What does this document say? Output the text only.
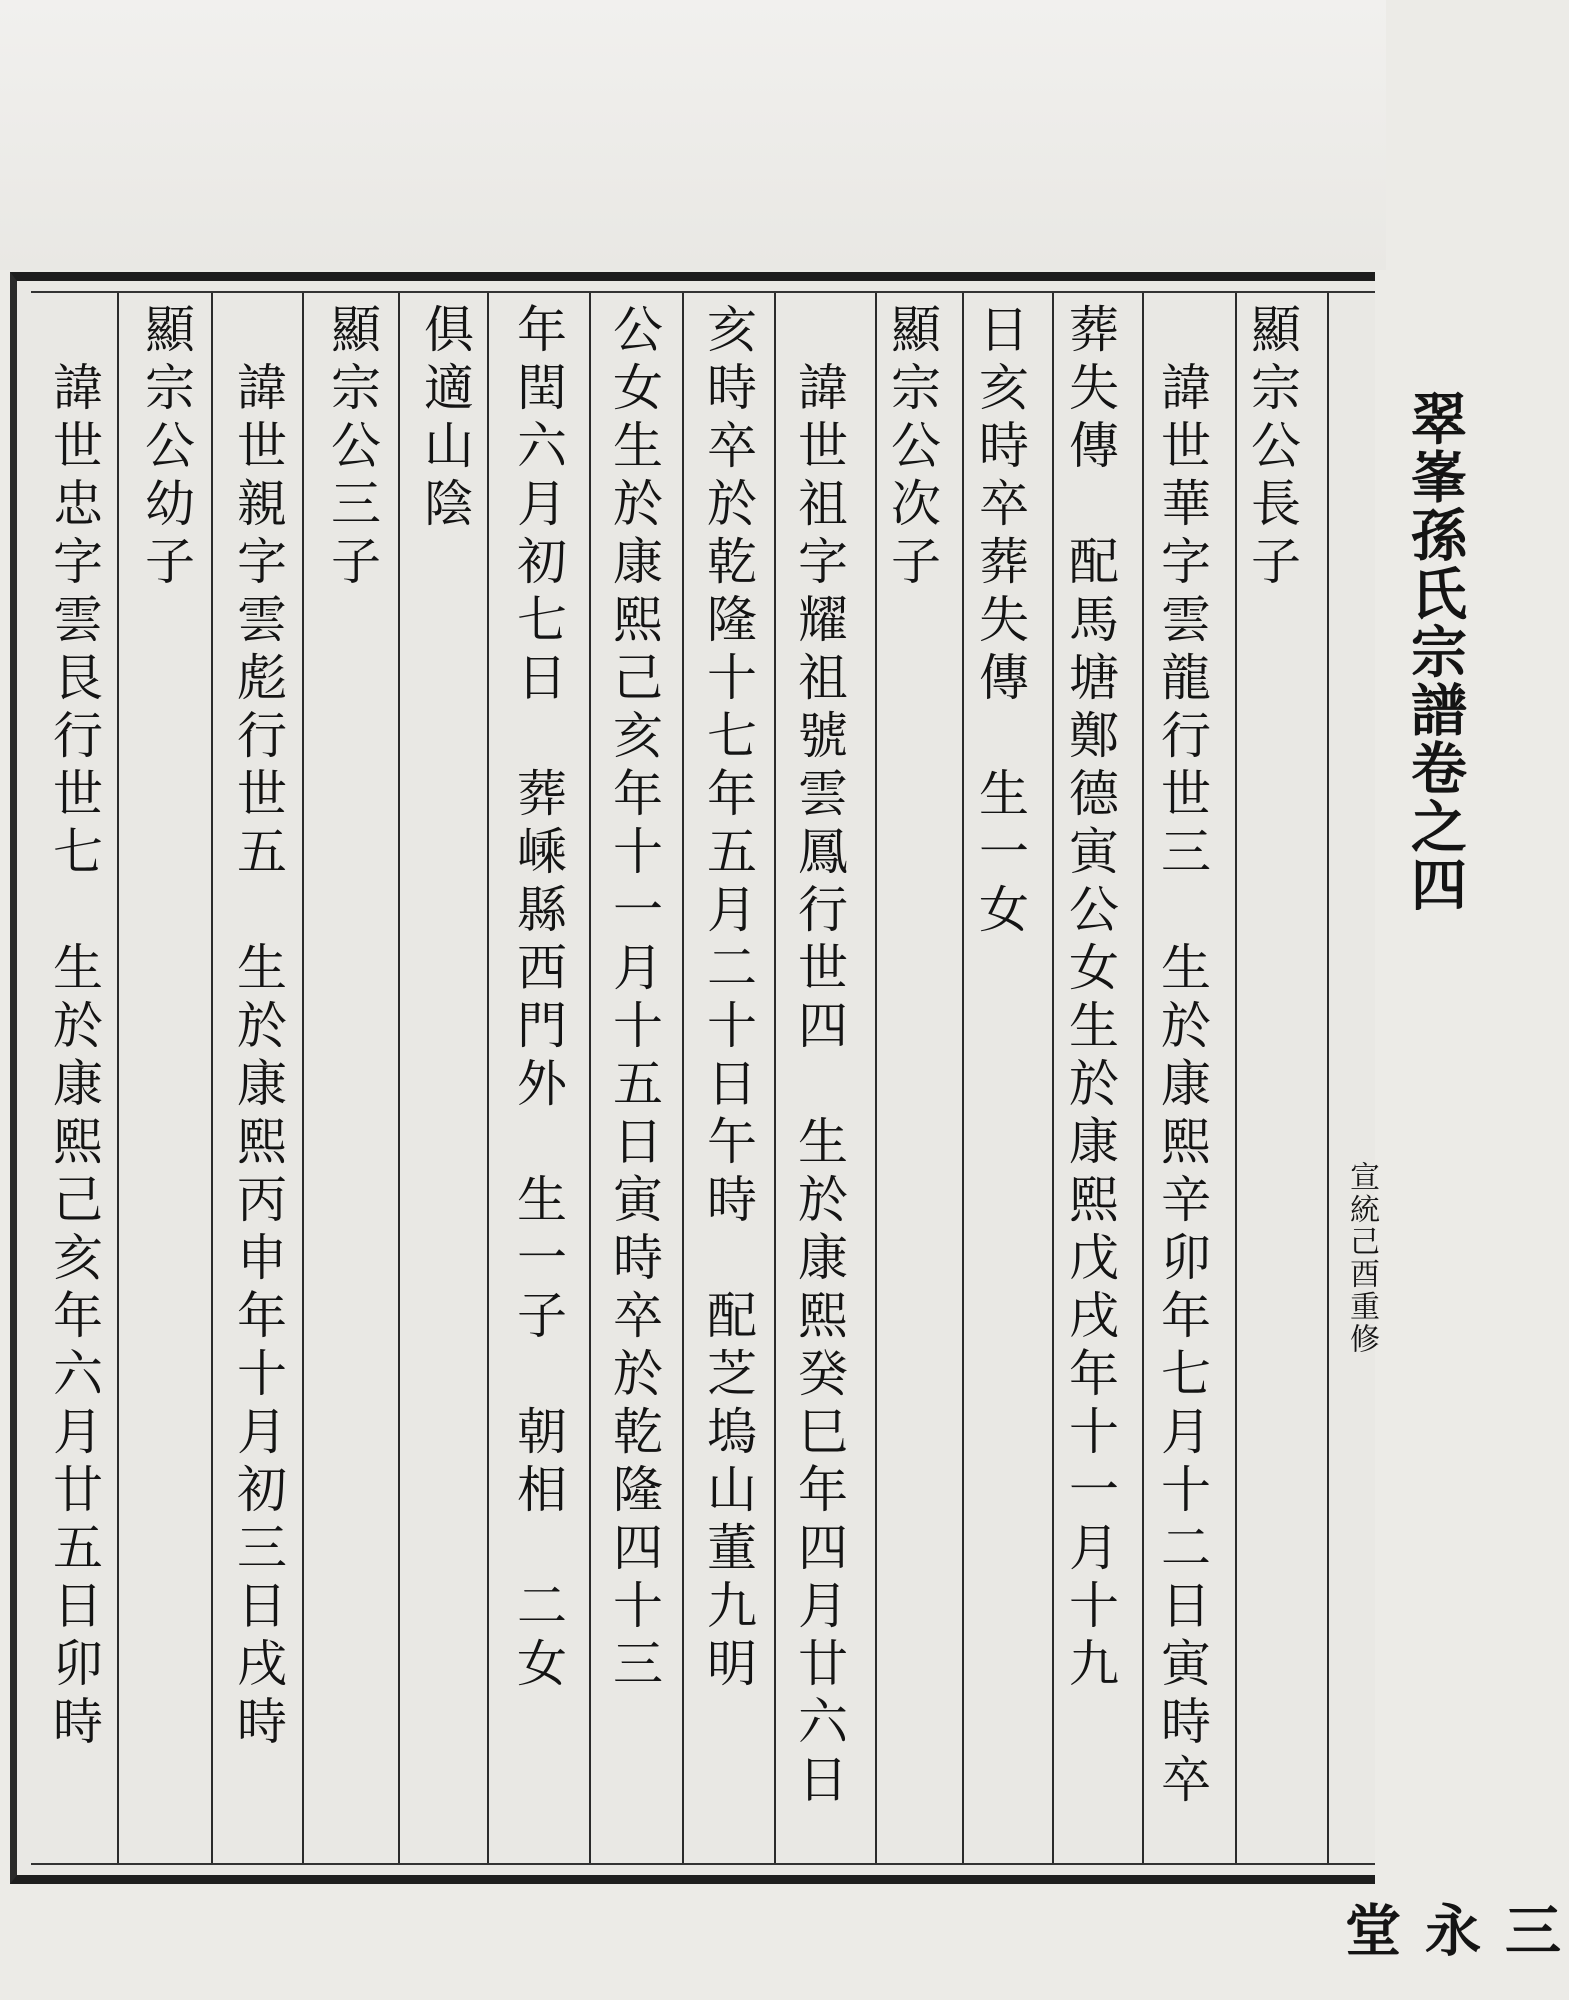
翠峯孫氏宗譜卷之四

宣統己酉重修
三永堂
顯宗公長子
　諱世華字雲龍行世三　生於康熙辛卯年七月十二日寅時卒
葬失傳　配馬塘鄭德寅公女生於康熙戊戌年十一月十九
日亥時卒葬失傳　生一女
顯宗公次子
　諱世祖字耀祖號雲鳳行世四　生於康熙癸巳年四月廿六日
亥時卒於乾隆十七年五月二十日午時　配芝塢山董九明
公女生於康熙己亥年十一月十五日寅時卒於乾隆四十三
年閏六月初七日　葬嵊縣西門外　生一子　朝相　二女
俱適山陰
顯宗公三子
　諱世親字雲彪行世五　生於康熙丙申年十月初三日戌時
顯宗公幼子
　諱世忠字雲艮行世七　生於康熙己亥年六月廿五日卯時
